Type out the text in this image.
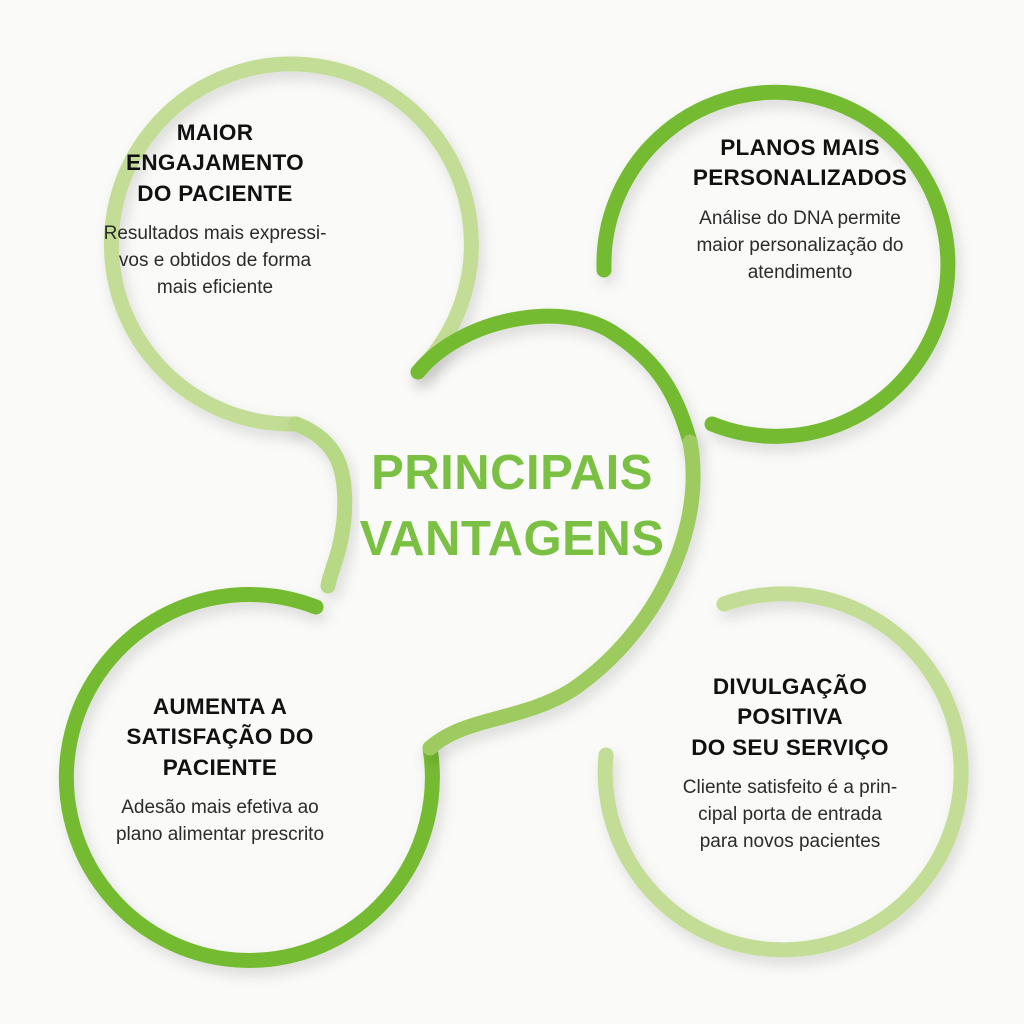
PRINCIPAIS
VANTAGENS
MAIOR
ENGAJAMENTO
DO PACIENTE
Resultados mais expressi-
vos e obtidos de forma
mais eficiente
PLANOS MAIS
PERSONALIZADOS
Análise do DNA permite
maior personalização do
atendimento
AUMENTA A
SATISFAÇÃO DO
PACIENTE
Adesão mais efetiva ao
plano alimentar prescrito
DIVULGAÇÃO
POSITIVA
DO SEU SERVIÇO
Cliente satisfeito é a prin-
cipal porta de entrada
para novos pacientes
